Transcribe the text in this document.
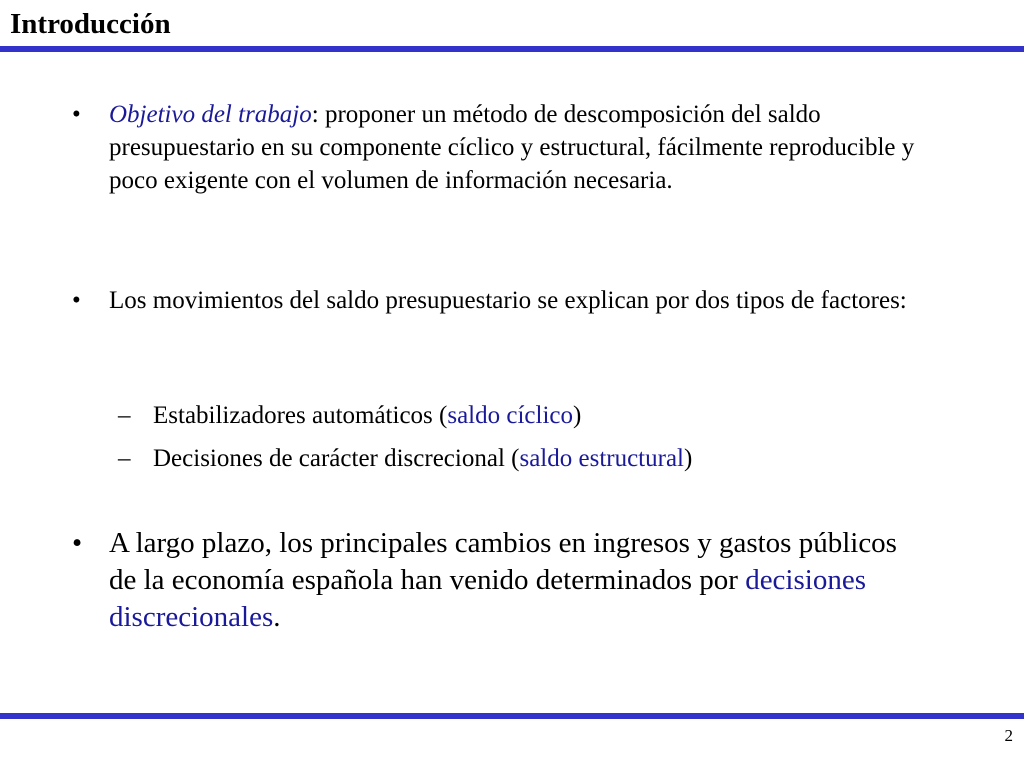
Introducción
• Objetivo del trabajo: proponer un método de descomposición del saldo presupuestario en su componente cíclico y estructural, fácilmente reproducible y poco exigente con el volumen de información necesaria.
• Los movimientos del saldo presupuestario se explican por dos tipos de factores:
– Estabilizadores automáticos (saldo cíclico)
– Decisiones de carácter discrecional (saldo estructural)
• A largo plazo, los principales cambios en ingresos y gastos públicos de la economía española han venido determinados por decisiones discrecionales.
2
